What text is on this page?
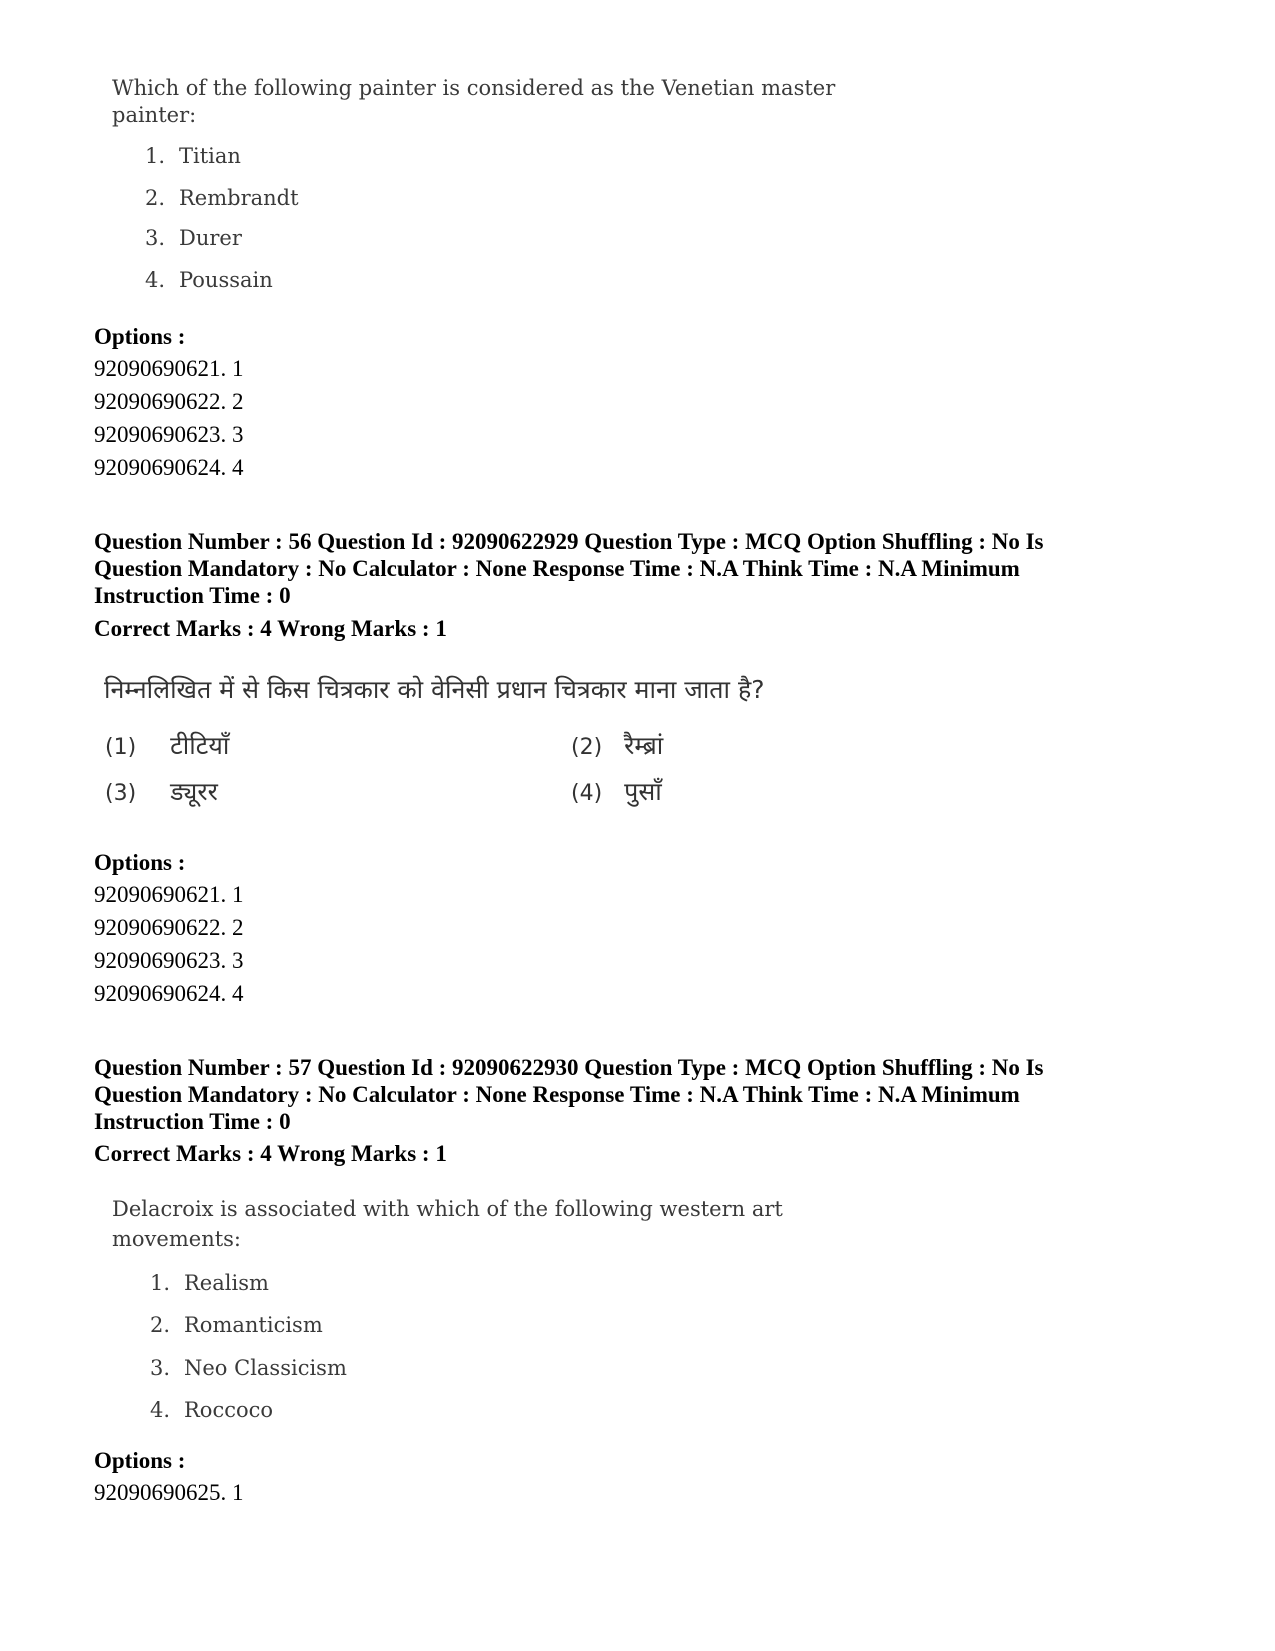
Which of the following painter is considered as the Venetian master
painter:
1. Titian
2. Rembrandt
3. Durer
4. Poussain
Options :
92090690621. 1
92090690622. 2
92090690623. 3
92090690624. 4
Question Number : 56 Question Id : 92090622929 Question Type : MCQ Option Shuffling : No Is
Question Mandatory : No Calculator : None Response Time : N.A Think Time : N.A Minimum
Instruction Time : 0
Correct Marks : 4 Wrong Marks : 1
निम्नलिखित में से किस चित्रकार को वेनिसी प्रधान चित्रकार माना जाता है?
(1) टीटियाँ	(2) रैम्ब्रां
(3) ड्यूरर	(4) पुसाँ
Options :
92090690621. 1
92090690622. 2
92090690623. 3
92090690624. 4
Question Number : 57 Question Id : 92090622930 Question Type : MCQ Option Shuffling : No Is
Question Mandatory : No Calculator : None Response Time : N.A Think Time : N.A Minimum
Instruction Time : 0
Correct Marks : 4 Wrong Marks : 1
Delacroix is associated with which of the following western art
movements:
1. Realism
2. Romanticism
3. Neo Classicism
4. Roccoco
Options :
92090690625. 1
